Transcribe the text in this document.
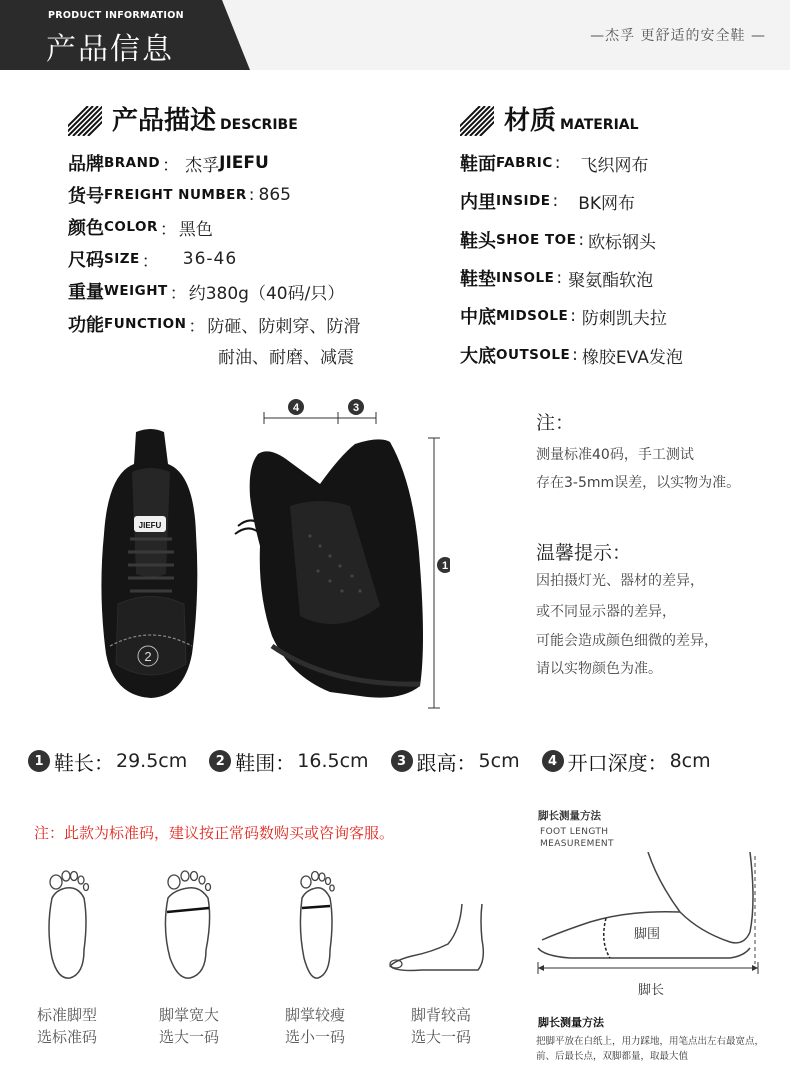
PRODUCT INFORMATION
产品信息	—杰孚 更舒适的安全鞋 —
产品描述 DESCRIBE
品牌 BRAND ： 杰孚 JIEFU
货号 FREIGHT NUMBER : 865
颜色 COLOR ： 黑色
尺码 SIZE ： 36-46
重量 WEIGHT ： 约380g（40码/只）
功能 FUNCTION ： 防砸、防刺穿、防滑
耐油、耐磨、减震
材质 MATERIAL
鞋面 FABRIC : 飞织网布
内里 INSIDE : BK网布
鞋头 SHOE TOE : 欧标钢头
鞋垫 INSOLE : 聚氨酯软泡
中底 MIDSOLE : 防刺凯夫拉
大底 OUTSOLE : 橡胶EVA发泡
JIEFU
2
4	3
1
注：
测量标准40码，手工测试
存在3-5mm误差，以实物为准。
温馨提示：
因拍摄灯光、器材的差异，
或不同显示器的差异，
可能会造成颜色细微的差异，
请以实物颜色为准。
1 鞋长： 29.5cm	2 鞋围： 16.5cm	3 跟高： 5cm	4 开口深度： 8cm
注：此款为标准码，建议按正常码数购买或咨询客服。
标准脚型
选标准码
脚掌宽大
选大一码
脚掌较瘦
选小一码
脚背较高
选大一码
脚长测量方法
FOOT LENGTH
MEASUREMENT
脚围
脚长
脚长测量方法
把脚平放在白纸上，用力踩地，用笔点出左右最宽点，前、后最长点，双脚都量，取最大值
